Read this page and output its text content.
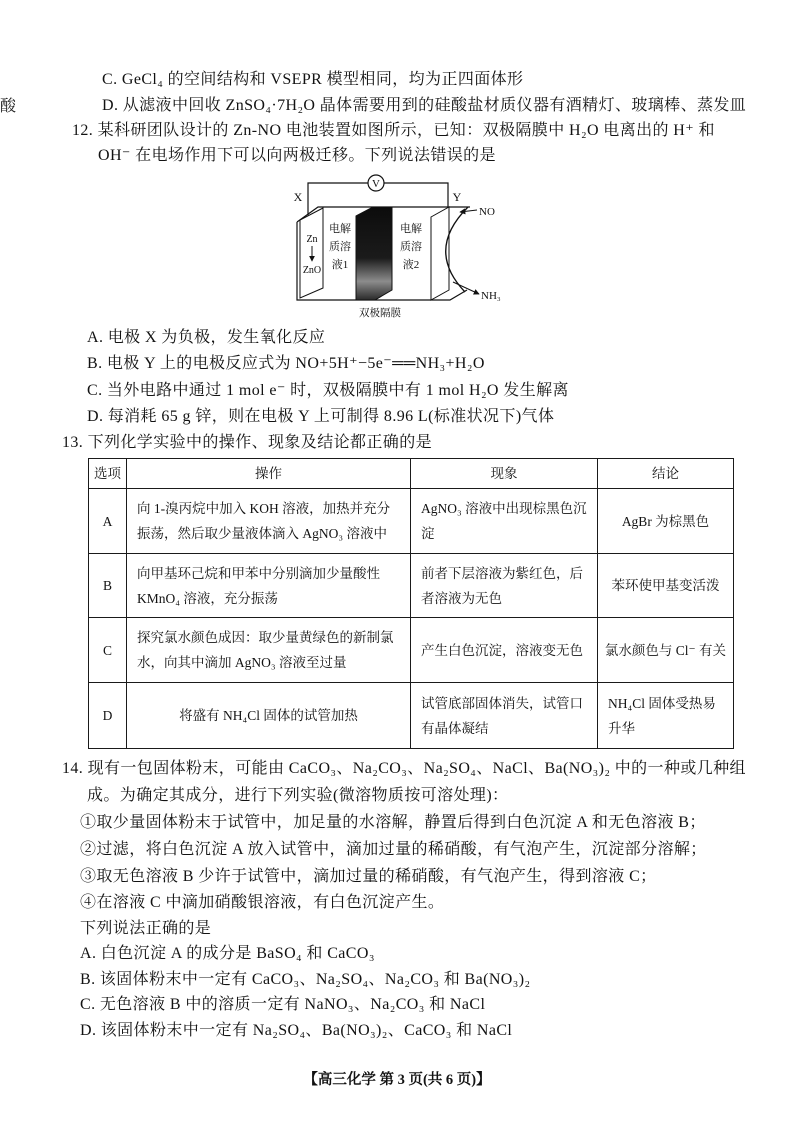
酸
C. GeCl₄ 的空间结构和 VSEPR 模型相同，均为正四面体形
D. 从滤液中回收 ZnSO₄·7H₂O 晶体需要用到的硅酸盐材质仪器有酒精灯、玻璃棒、蒸发皿
12. 某科研团队设计的 Zn-NO 电池装置如图所示，已知：双极隔膜中 H₂O 电离出的 H⁺ 和
OH⁻ 在电场作用下可以向两极迁移。下列说法错误的是
V
X	Y
Zn
ZnO
电解
质溶
液1
电解
质溶
液2
NO
NH₃
双极隔膜
A. 电极 X 为负极，发生氧化反应
B. 电极 Y 上的电极反应式为 NO+5H⁺−5e⁻══NH₃+H₂O
C. 当外电路中通过 1 mol e⁻ 时，双极隔膜中有 1 mol H₂O 发生解离
D. 每消耗 65 g 锌，则在电极 Y 上可制得 8.96 L(标准状况下)气体
13. 下列化学实验中的操作、现象及结论都正确的是
选项	操作	现象	结论
A	向 1-溴丙烷中加入 KOH 溶液，加热并充分振荡，然后取少量液体滴入 AgNO₃ 溶液中	AgNO₃ 溶液中出现棕黑色沉淀	AgBr 为棕黑色
B	向甲基环己烷和甲苯中分别滴加少量酸性 KMnO₄ 溶液，充分振荡	前者下层溶液为紫红色，后者溶液为无色	苯环使甲基变活泼
C	探究氯水颜色成因：取少量黄绿色的新制氯水，向其中滴加 AgNO₃ 溶液至过量	产生白色沉淀，溶液变无色	氯水颜色与 Cl⁻ 有关
D	将盛有 NH₄Cl 固体的试管加热	试管底部固体消失，试管口有晶体凝结	NH₄Cl 固体受热易升华
14. 现有一包固体粉末，可能由 CaCO₃、Na₂CO₃、Na₂SO₄、NaCl、Ba(NO₃)₂ 中的一种或几种组
成。为确定其成分，进行下列实验(微溶物质按可溶处理)：
①取少量固体粉末于试管中，加足量的水溶解，静置后得到白色沉淀 A 和无色溶液 B；
②过滤，将白色沉淀 A 放入试管中，滴加过量的稀硝酸，有气泡产生，沉淀部分溶解；
③取无色溶液 B 少许于试管中，滴加过量的稀硝酸，有气泡产生，得到溶液 C；
④在溶液 C 中滴加硝酸银溶液，有白色沉淀产生。
下列说法正确的是
A. 白色沉淀 A 的成分是 BaSO₄ 和 CaCO₃
B. 该固体粉末中一定有 CaCO₃、Na₂SO₄、Na₂CO₃ 和 Ba(NO₃)₂
C. 无色溶液 B 中的溶质一定有 NaNO₃、Na₂CO₃ 和 NaCl
D. 该固体粉末中一定有 Na₂SO₄、Ba(NO₃)₂、CaCO₃ 和 NaCl
【高三化学 第 3 页(共 6 页)】
